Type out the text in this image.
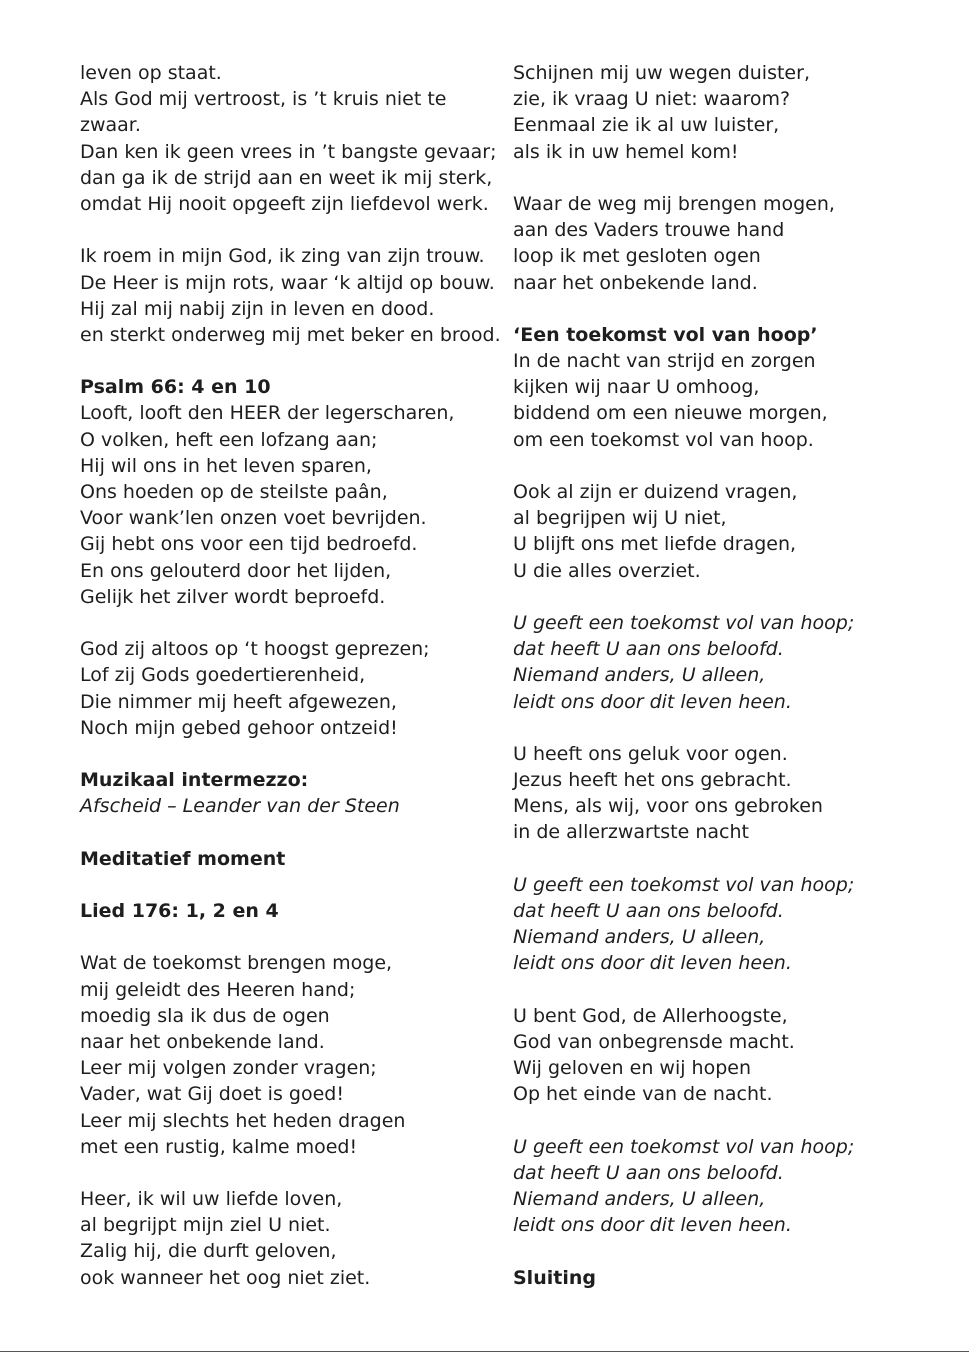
leven op staat.
Als God mij vertroost, is ’t kruis niet te
zwaar.
Dan ken ik geen vrees in ’t bangste gevaar;
dan ga ik de strijd aan en weet ik mij sterk,
omdat Hij nooit opgeeft zijn liefdevol werk.
Ik roem in mijn God, ik zing van zijn trouw.
De Heer is mijn rots, waar ‘k altijd op bouw.
Hij zal mij nabij zijn in leven en dood.
en sterkt onderweg mij met beker en brood.
Psalm 66: 4 en 10
Looft, looft den HEER der legerscharen,
O volken, heft een lofzang aan;
Hij wil ons in het leven sparen,
Ons hoeden op de steilste paân,
Voor wank’len onzen voet bevrijden.
Gij hebt ons voor een tijd bedroefd.
En ons gelouterd door het lijden,
Gelijk het zilver wordt beproefd.
God zij altoos op ‘t hoogst geprezen;
Lof zij Gods goedertierenheid,
Die nimmer mij heeft afgewezen,
Noch mijn gebed gehoor ontzeid!
Muzikaal intermezzo:
Afscheid – Leander van der Steen
Meditatief moment
Lied 176: 1, 2 en 4
Wat de toekomst brengen moge,
mij geleidt des Heeren hand;
moedig sla ik dus de ogen
naar het onbekende land.
Leer mij volgen zonder vragen;
Vader, wat Gij doet is goed!
Leer mij slechts het heden dragen
met een rustig, kalme moed!
Heer, ik wil uw liefde loven,
al begrijpt mijn ziel U niet.
Zalig hij, die durft geloven,
ook wanneer het oog niet ziet.
Schijnen mij uw wegen duister,
zie, ik vraag U niet: waarom?
Eenmaal zie ik al uw luister,
als ik in uw hemel kom!
Waar de weg mij brengen mogen,
aan des Vaders trouwe hand
loop ik met gesloten ogen
naar het onbekende land.
‘Een toekomst vol van hoop’
In de nacht van strijd en zorgen
kijken wij naar U omhoog,
biddend om een nieuwe morgen,
om een toekomst vol van hoop.
Ook al zijn er duizend vragen,
al begrijpen wij U niet,
U blijft ons met liefde dragen,
U die alles overziet.
U geeft een toekomst vol van hoop;
dat heeft U aan ons beloofd.
Niemand anders, U alleen,
leidt ons door dit leven heen.
U heeft ons geluk voor ogen.
Jezus heeft het ons gebracht.
Mens, als wij, voor ons gebroken
in de allerzwartste nacht
U geeft een toekomst vol van hoop;
dat heeft U aan ons beloofd.
Niemand anders, U alleen,
leidt ons door dit leven heen.
U bent God, de Allerhoogste,
God van onbegrensde macht.
Wij geloven en wij hopen
Op het einde van de nacht.
U geeft een toekomst vol van hoop;
dat heeft U aan ons beloofd.
Niemand anders, U alleen,
leidt ons door dit leven heen.
Sluiting
